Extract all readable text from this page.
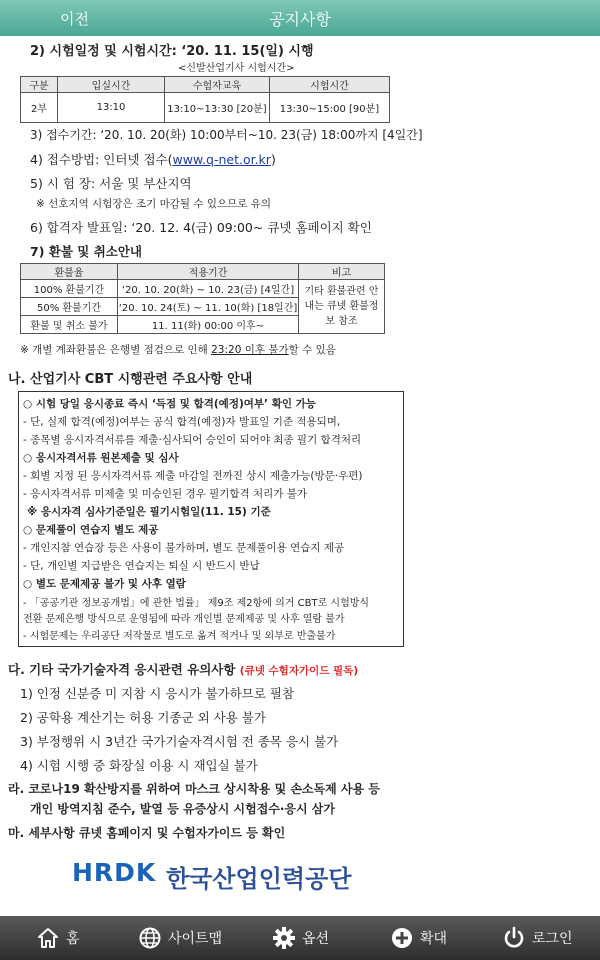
이전	공지사항
2) 시험일정 및 시험시간: ‘20. 11. 15(일) 시행
<신발산업기사 시험시간>
구분	입실시간	수험자교육	시험시간
2부	13:10	13:10~13:30 [20분]	13:30~15:00 [90분]
3) 접수기간: ‘20. 10. 20(화) 10:00부터~10. 23(금) 18:00까지 [4일간]
4) 접수방법: 인터넷 접수(www.q-net.or.kr)
5) 시 험 장: 서울 및 부산지역
※ 선호지역 시험장은 조기 마감될 수 있으므로 유의
6) 합격자 발표일: ‘20. 12. 4(금) 09:00~ 큐넷 홈페이지 확인
7) 환불 및 취소안내
환불율	적용기간	비고
100% 환불기간	‘20. 10. 20(화) ~ 10. 23(금) [4일간]	기타 환불관련 안내는 큐넷 환불정보 참조
50% 환불기간	‘20. 10. 24(토) ~ 11. 10(화) [18일간]	
환불 및 취소 불가	11. 11(화) 00:00 이후~	
※ 개별 계좌환불은 은행별 점검으로 인해 23:20 이후 불가할 수 있음
나. 산업기사 CBT 시행관련 주요사항 안내
○ 시험 당일 응시종료 즉시 ‘득점 및 합격(예정)여부’ 확인 가능
- 단, 실제 합격(예정)여부는 공식 합격(예정)자 발표일 기준 적용되며,
- 종목별 응시자격서류를 제출·심사되어 승인이 되어야 최종 필기 합격처리
○ 응시자격서류 원본제출 및 심사
- 회별 지정 된 응시자격서류 제출 마감일 전까진 상시 제출가능(방문·우편)
- 응시자격서류 미제출 및 미승인된 경우 필기합격 처리가 불가
※ 응시자격 심사기준일은 필기시험일(11. 15) 기준
○ 문제풀이 연습지 별도 제공
- 개인지참 연습장 등은 사용이 불가하며, 별도 문제풀이용 연습지 제공
- 단, 개인별 지급받은 연습지는 퇴실 시 반드시 반납
○ 별도 문제제공 불가 및 사후 열람
- 「공공기관 정보공개법」에 관한 법률」 제9조 제2항에 의거 CBT로 시험방식
전환 문제은행 방식으로 운영됨에 따라 개인별 문제제공 및 사후 열람 불가
- 시험문제는 우리공단 저작물로 별도로 옮겨 적거나 및 외부로 반출불가
다. 기타 국가기술자격 응시관련 유의사항 (큐넷 수험자가이드 필독)
1) 인정 신분증 미 지참 시 응시가 불가하므로 필참
2) 공학용 계산기는 허용 기종군 외 사용 불가
3) 부정행위 시 3년간 국가기술자격시험 전 종목 응시 불가
4) 시험 시행 중 화장실 이용 시 재입실 불가
라. 코로나19 확산방지를 위하여 마스크 상시착용 및 손소독제 사용 등
개인 방역지침 준수, 발열 등 유증상시 시험접수·응시 삼가
마. 세부사항 큐넷 홈페이지 및 수험자가이드 등 확인
HRDK 한국산업인력공단
홈	사이트맵	옵션	확대	로그인
